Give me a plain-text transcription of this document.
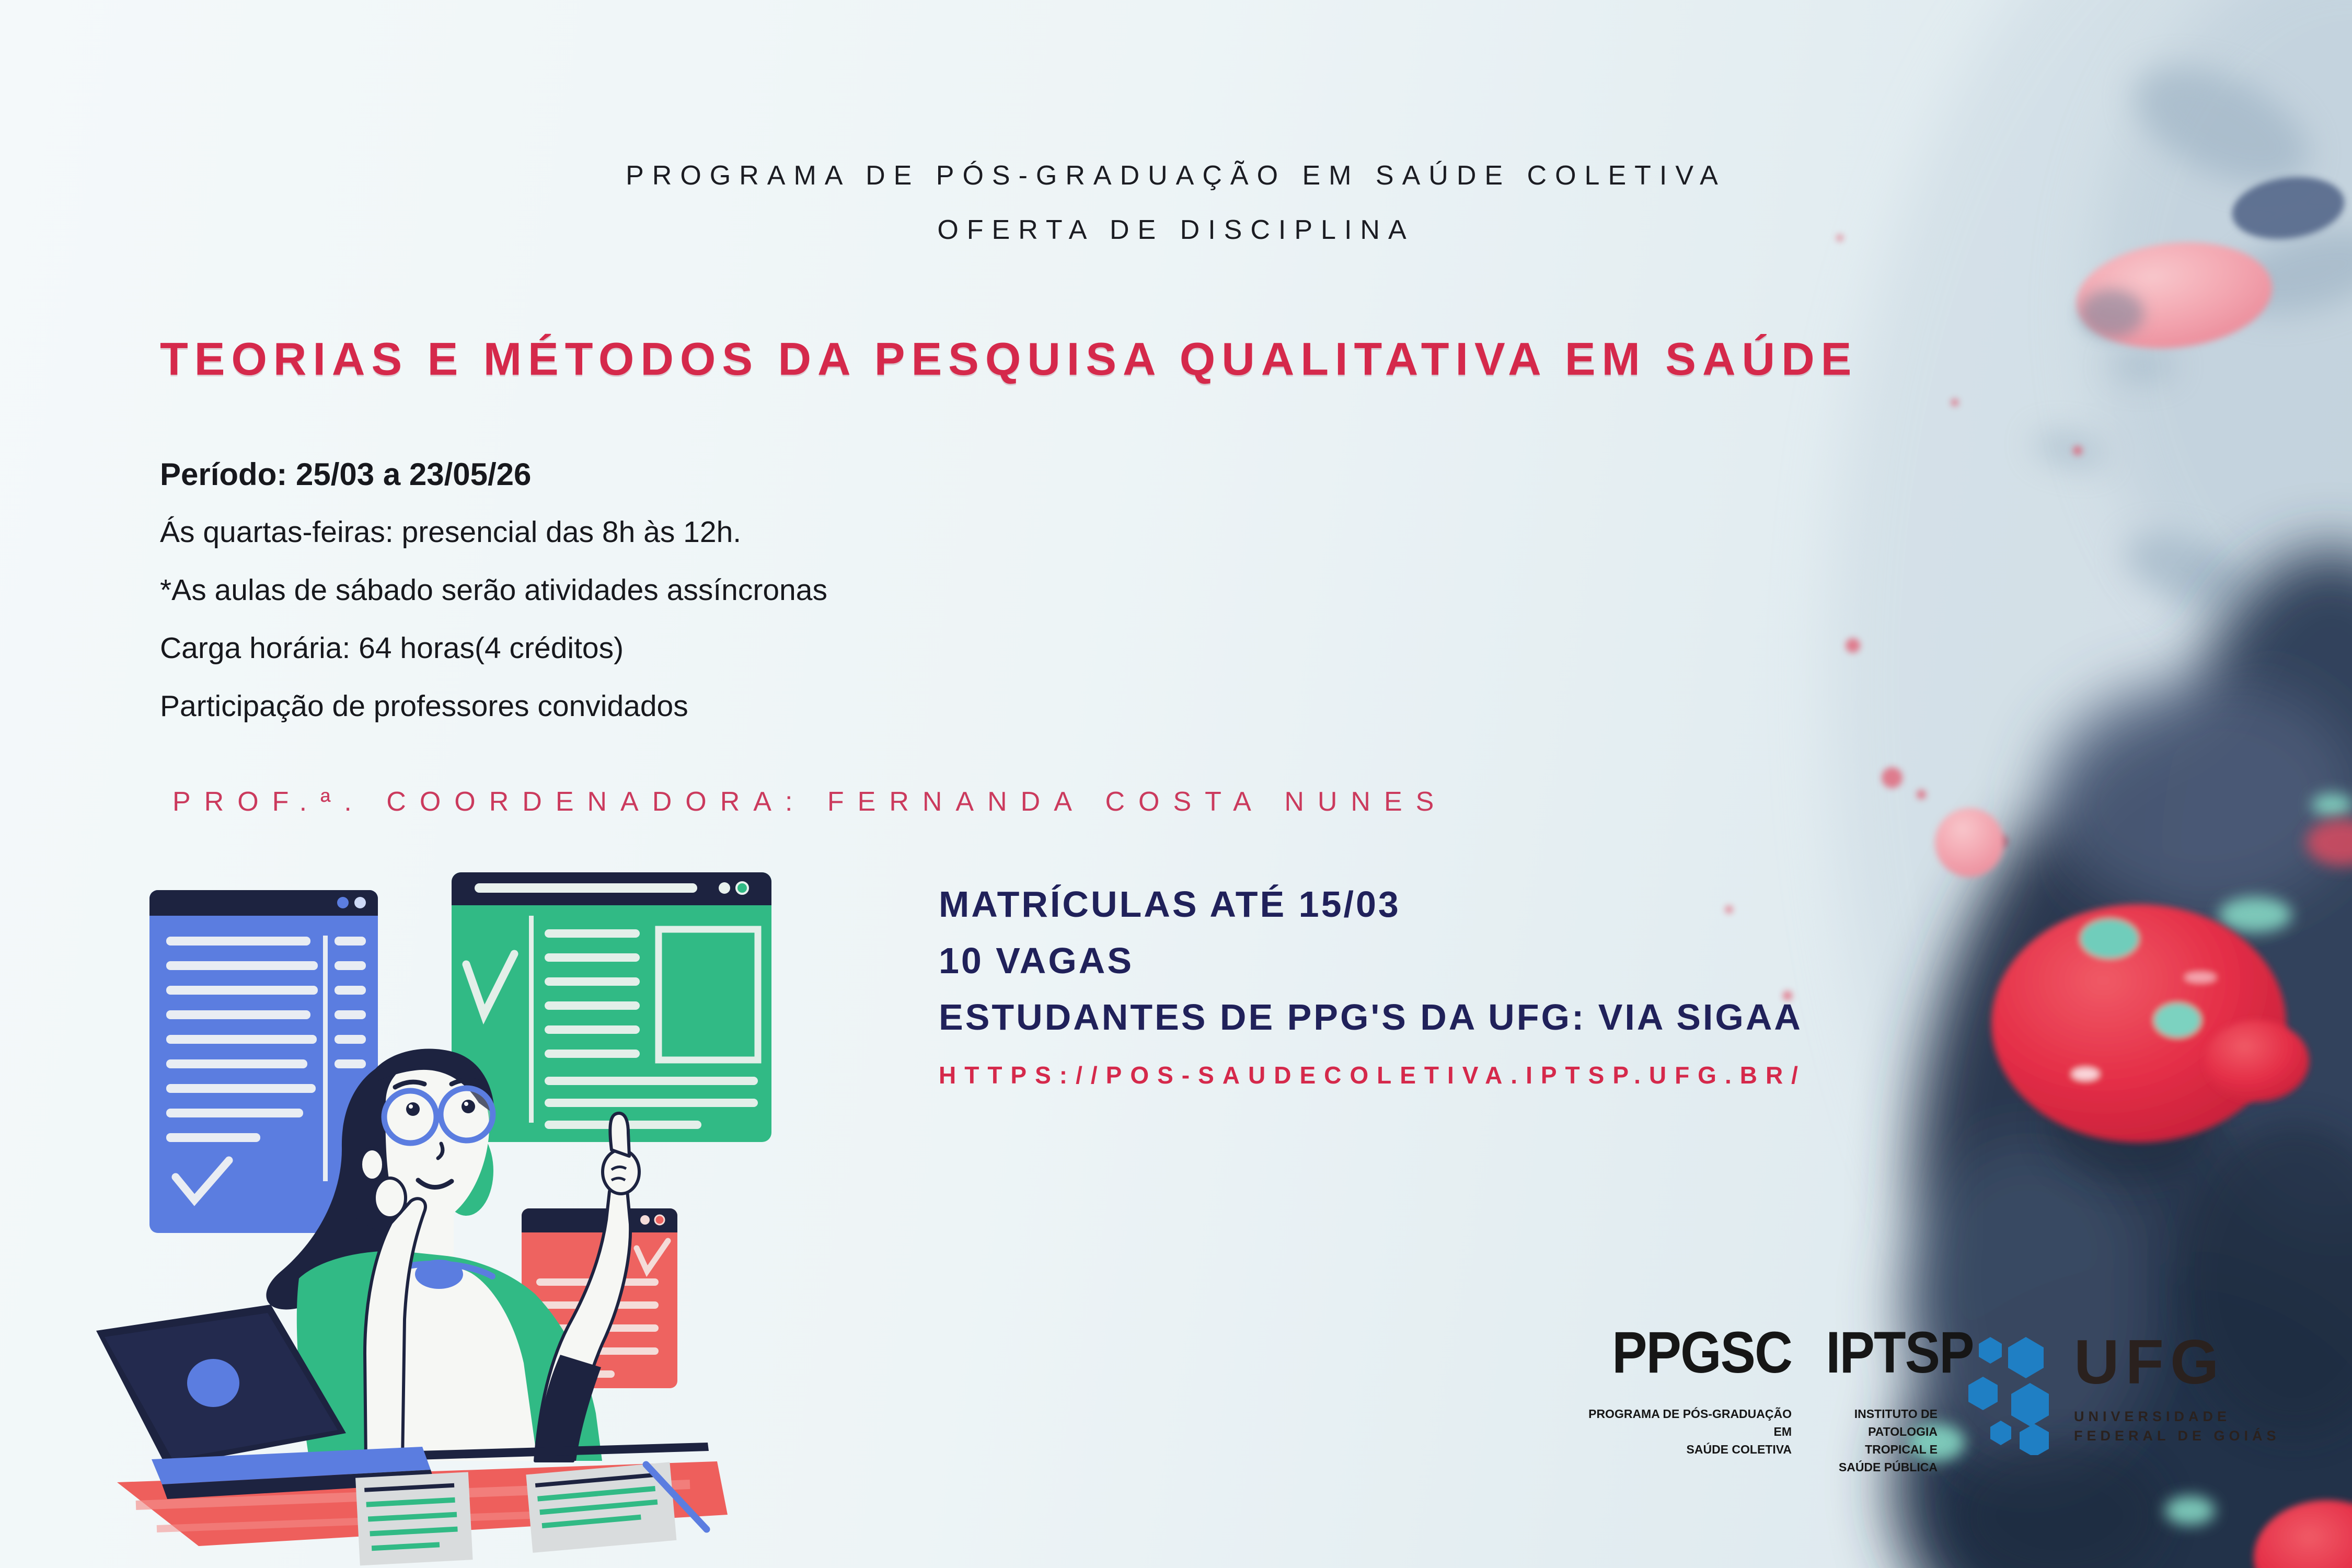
PROGRAMA DE PÓS-GRADUAÇÃO EM SAÚDE COLETIVA
OFERTA DE DISCIPLINA
TEORIAS E MÉTODOS DA PESQUISA QUALITATIVA EM SAÚDE
Período: 25/03 a 23/05/26
Ás quartas-feiras: presencial das 8h às 12h.
*As aulas de sábado serão atividades assíncronas
Carga horária: 64 horas(4 créditos)
Participação de professores convidados
PROF.ª. COORDENADORA: FERNANDA COSTA NUNES
MATRÍCULAS ATÉ 15/03
10 VAGAS
ESTUDANTES DE PPG'S DA UFG: VIA SIGAA
HTTPS://POS-SAUDECOLETIVA.IPTSP.UFG.BR/
PPGSC
PROGRAMA DE PÓS-GRADUAÇÃO EM
SAÚDE COLETIVA
IPTSP
INSTITUTO DE
PATOLOGIA TROPICAL E
SAÚDE PÚBLICA
UFG
UNIVERSIDADE
FEDERAL DE GOIÁS
